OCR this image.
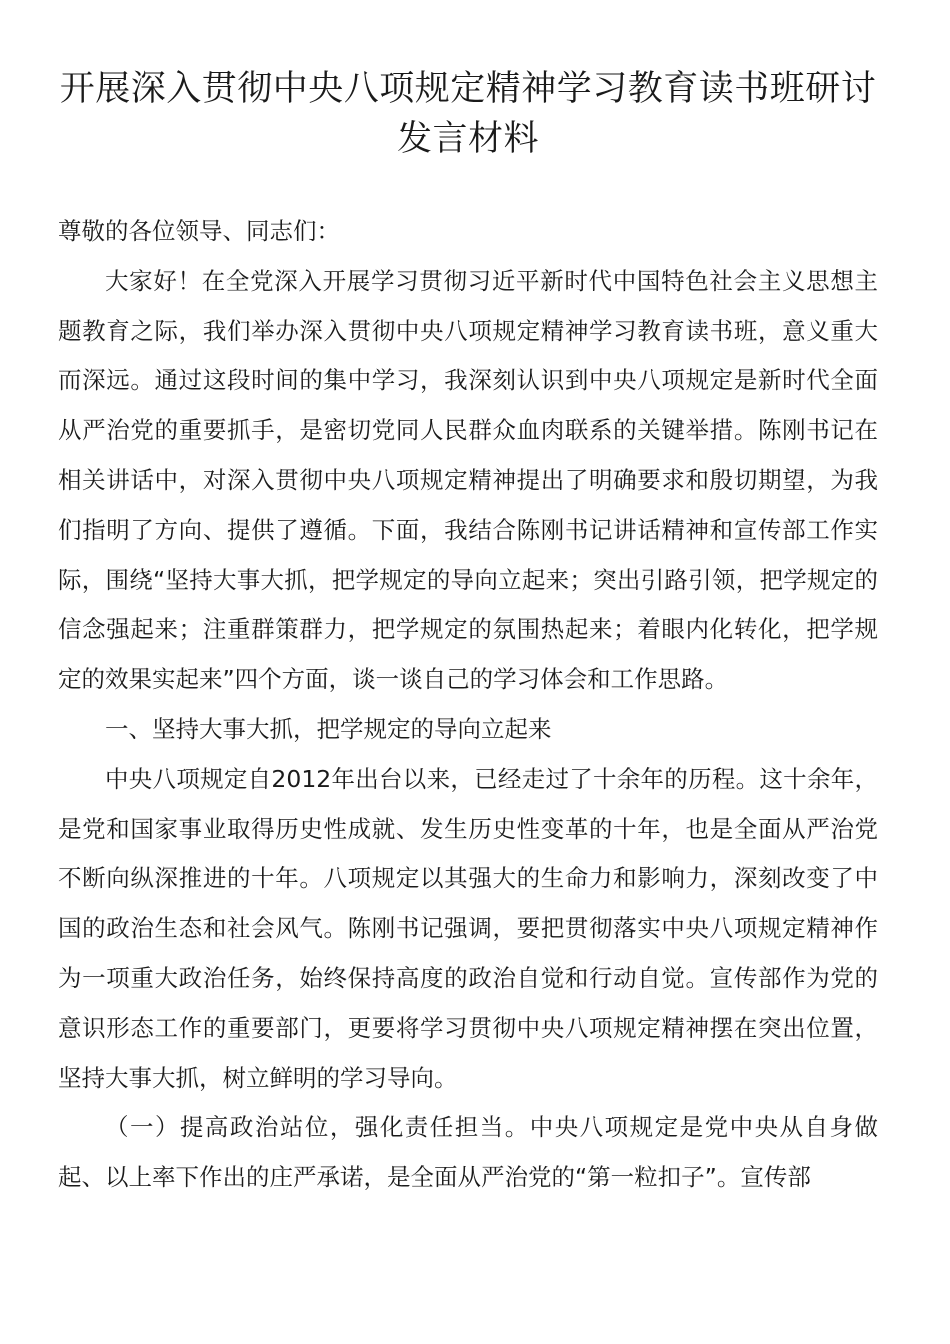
开展深入贯彻中央八项规定精神学习教育读书班研讨发言材料

尊敬的各位领导、同志们：

大家好！在全党深入开展学习贯彻习近平新时代中国特色社会主义思想主题教育之际，我们举办深入贯彻中央八项规定精神学习教育读书班，意义重大而深远。通过这段时间的集中学习，我深刻认识到中央八项规定是新时代全面从严治党的重要抓手，是密切党同人民群众血肉联系的关键举措。陈刚书记在相关讲话中，对深入贯彻中央八项规定精神提出了明确要求和殷切期望，为我们指明了方向、提供了遵循。下面，我结合陈刚书记讲话精神和宣传部工作实际，围绕“坚持大事大抓，把学规定的导向立起来；突出引路引领，把学规定的信念强起来；注重群策群力，把学规定的氛围热起来；着眼内化转化，把学规定的效果实起来”四个方面，谈一谈自己的学习体会和工作思路。

一、坚持大事大抓，把学规定的导向立起来

中央八项规定自2012年出台以来，已经走过了十余年的历程。这十余年，是党和国家事业取得历史性成就、发生历史性变革的十年，也是全面从严治党不断向纵深推进的十年。八项规定以其强大的生命力和影响力，深刻改变了中国的政治生态和社会风气。陈刚书记强调，要把贯彻落实中央八项规定精神作为一项重大政治任务，始终保持高度的政治自觉和行动自觉。宣传部作为党的意识形态工作的重要部门，更要将学习贯彻中央八项规定精神摆在突出位置，坚持大事大抓，树立鲜明的学习导向。

（一）提高政治站位，强化责任担当。中央八项规定是党中央从自身做起、以上率下作出的庄严承诺，是全面从严治党的“第一粒扣子”。宣传部
